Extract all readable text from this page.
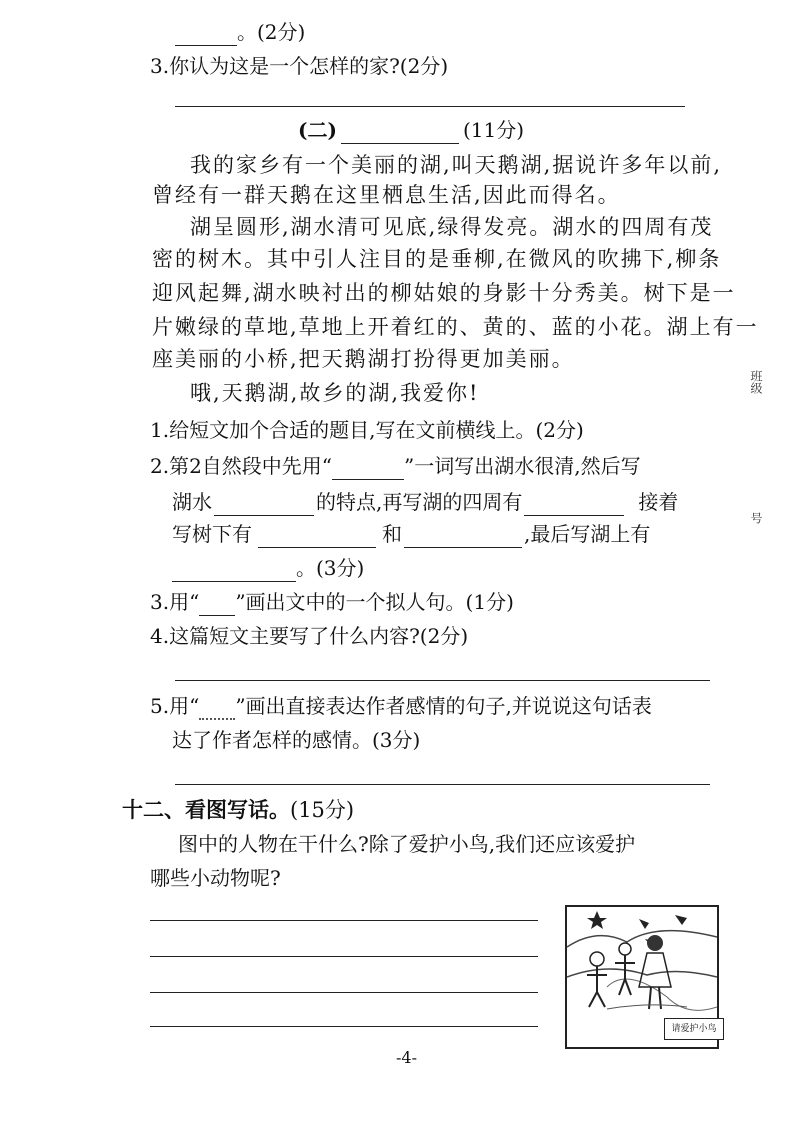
。(2分)
3.你认为这是一个怎样的家?(2分)
(二)	(11分)
我的家乡有一个美丽的湖,叫天鹅湖,据说许多年以前,
曾经有一群天鹅在这里栖息生活,因此而得名。
湖呈圆形,湖水清可见底,绿得发亮。湖水的四周有茂
密的树木。其中引人注目的是垂柳,在微风的吹拂下,柳条
迎风起舞,湖水映衬出的柳姑娘的身影十分秀美。树下是一
片嫩绿的草地,草地上开着红的、黄的、蓝的小花。湖上有一
座美丽的小桥,把天鹅湖打扮得更加美丽。
哦,天鹅湖,故乡的湖,我爱你!
1.给短文加个合适的题目,写在文前横线上。(2分)
2.第2自然段中先用“	”一词写出湖水很清,然后写
湖水	的特点,再写湖的四周有	接着
写树下有	和	,最后写湖上有
。(3分)
3.用“ ”画出文中的一个拟人句。(1分)
4.这篇短文主要写了什么内容?(2分)
5.用“ ”画出直接表达作者感情的句子,并说说这句话表
达了作者怎样的感情。(3分)
十二、看图写话。(15分)
图中的人物在干什么?除了爱护小鸟,我们还应该爱护
哪些小动物呢?
请爱护小鸟
-4-
班级
号
